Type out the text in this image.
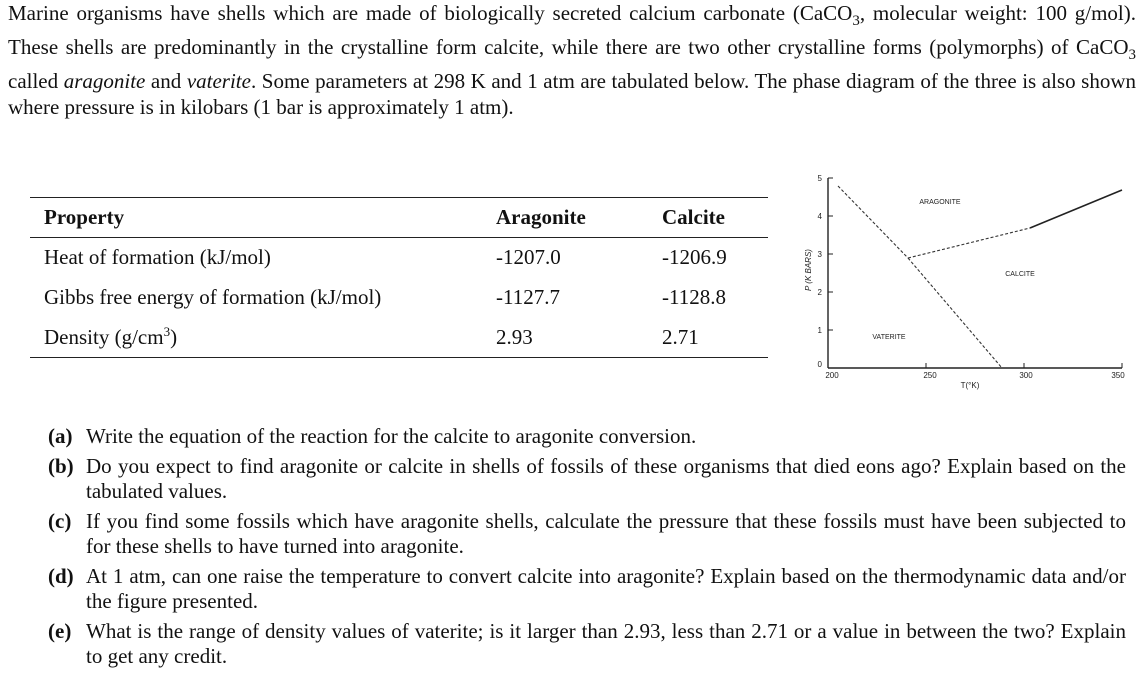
Marine organisms have shells which are made of biologically secreted calcium carbonate (CaCO$_3$, molecular weight: 100 g/mol). These shells are predominantly in the crystalline form calcite, while there are two other crystalline forms (polymorphs) of CaCO$_3$ called aragonite and vaterite. Some parameters at 298 K and 1 atm are tabulated below. The phase diagram of the three is also shown where pressure is in kilobars (1 bar is approximately 1 atm).

Property	Aragonite	Calcite
Heat of formation (kJ/mol)	-1207.0	-1206.9
Gibbs free energy of formation (kJ/mol)	-1127.7	-1128.8
Density $(g/cm^3)$	2.93	2.71
0
1
2
3
4
5
200	250	300	350
P (K BARS)
T(°K)
ARAGONITE
CALCITE
VATERITE
(a) Write the equation of the reaction for the calcite to aragonite conversion.
(b) Do you expect to find aragonite or calcite in shells of fossils of these organisms that died eons ago? Explain based on the tabulated values.
(c) If you find some fossils which have aragonite shells, calculate the pressure that these fossils must have been subjected to for these shells to have turned into aragonite.
(d) At 1 atm, can one raise the temperature to convert calcite into aragonite? Explain based on the thermodynamic data and/or the figure presented.
(e) What is the range of density values of vaterite; is it larger than 2.93, less than 2.71 or a value in between the two? Explain to get any credit.
